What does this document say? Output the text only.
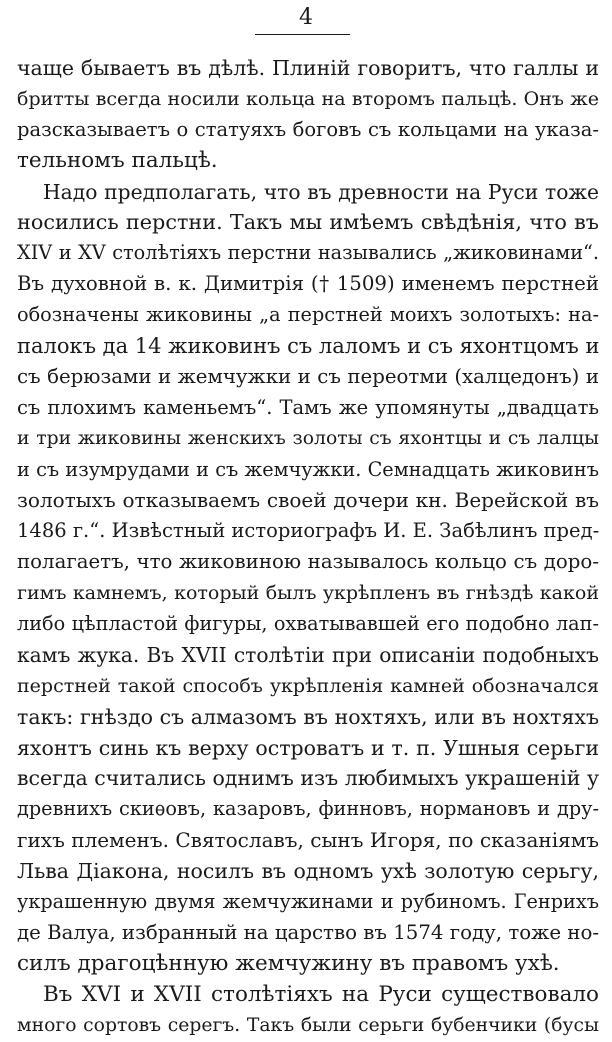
4
чаще бываетъ въ дѣлѣ. Плиній говоритъ, что галлы и
бритты всегда носили кольца на второмъ пальцѣ. Онъ же
разсказываетъ о статуяхъ боговъ съ кольцами на указа-
тельномъ пальцѣ.
Надо предполагать, что въ древности на Руси тоже
носились перстни. Такъ мы имѣемъ свѣдѣнія, что въ
XIV и XV столѣтіяхъ перстни назывались „жиковинами“.
Въ духовной в. к. Димитрія († 1509) именемъ перстней
обозначены жиковины „а перстней моихъ золотыхъ: на-
палокъ да 14 жиковинъ съ лаломъ и съ яхонтцомъ и
съ берюзами и жемчужки и съ переотми (халцедонъ) и
съ плохимъ каменьемъ“. Тамъ же упомянуты „двадцать
и три жиковины женскихъ золоты съ яхонтцы и съ лалцы
и съ изумрудами и съ жемчужки. Семнадцать жиковинъ
золотыхъ отказываемъ своей дочери кн. Верейской въ
1486 г.“. Извѣстный историографъ И. Е. Забѣлинъ пред-
полагаетъ, что жиковиною называлось кольцо съ дорo-
гимъ камнемъ, который былъ укрѣпленъ въ гнѣздѣ какой
либо цѣпластой фигуры, охватывавшей его подобно лап-
камъ жука. Въ XVII столѣтіи при описаніи подобныхъ
перстней такой способъ укрѣпленія камней обозначался
такъ: гнѣздо съ алмазомъ въ нохтяхъ, или въ нохтяхъ
яхонтъ синь къ верху островатъ и т. п. Ушныя серьги
всегда считались однимъ изъ любимыхъ украшеній у
древнихъ скиѳовъ, казаровъ, финновъ, норманoвъ и дру-
гихъ племенъ. Святославъ, сынъ Игоря, по сказаніямъ
Льва Діакона, носилъ въ одномъ ухѣ золотую серьгу,
украшенную двумя жемчужинами и рубиномъ. Генрихъ
де Валуа, избранный на царство въ 1574 году, тоже но-
силъ драгоцѣнную жемчужину въ правомъ ухѣ.
Въ XVI и XVII столѣтіяхъ на Руси существовало
много сортовъ серегъ. Такъ были серьги бубенчики (бусы
